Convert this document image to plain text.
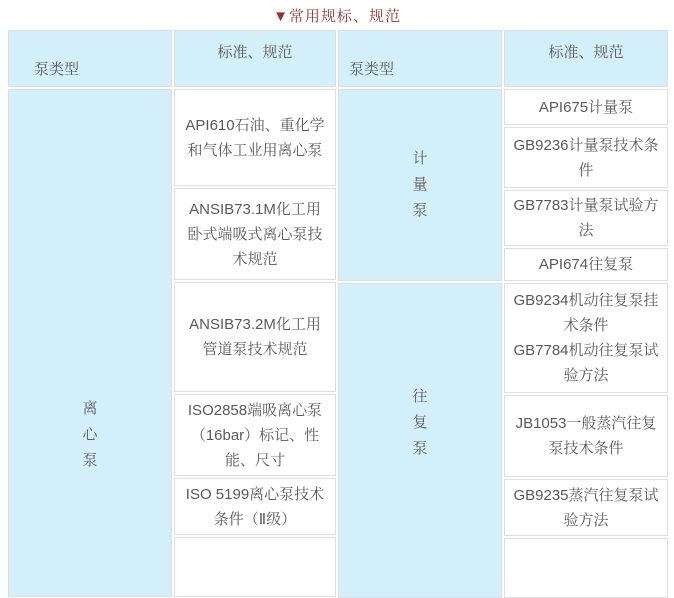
▼常用规标、规范
泵类型
标准、规范
离
心
泵
API610石油、重化学和气体工业用离心泵
ANSIB73.1M化工用卧式端吸式离心泵技术规范
ANSIB73.2M化工用管道泵技术规范
ISO2858端吸离心泵（16bar）标记、性能、尺寸
ISO 5199离心泵技术条件（Ⅱ级）
泵类型
标准、规范
计
量
泵
API675计量泵
GB9236计量泵技术条件
GB7783计量泵试验方法
API674往复泵
往
复
泵
GB9234机动往复泵挂术条件
GB7784机动往复泵试验方法
JB1053一般蒸汽往复泵技术条件
GB9235蒸汽往复泵试验方法
